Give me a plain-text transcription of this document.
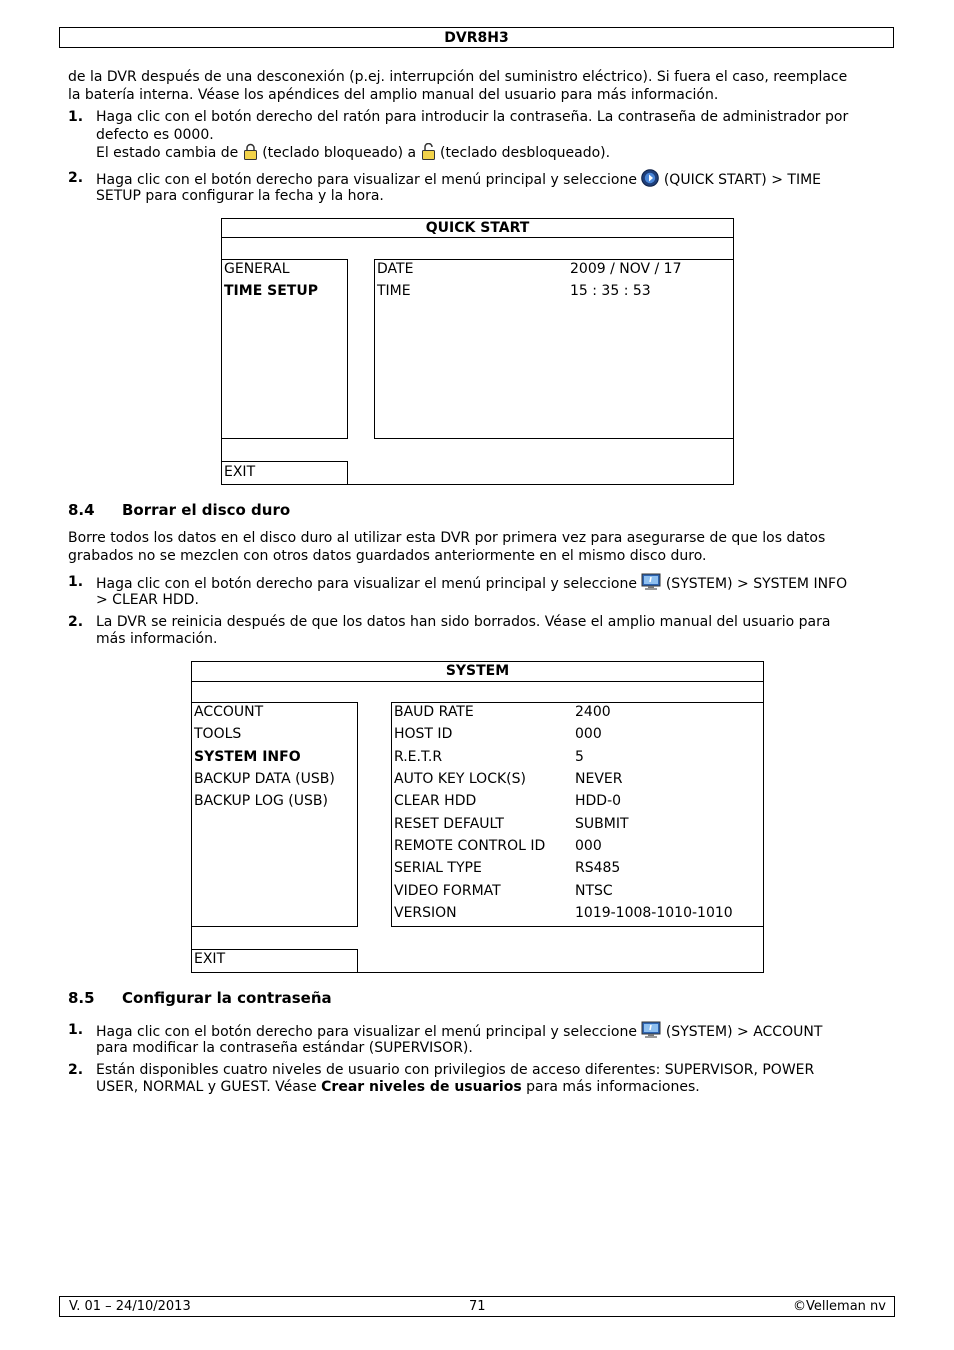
DVR8H3
de la DVR después de una desconexión (p.ej. interrupción del suministro eléctrico). Si fuera el caso, reemplace
la batería interna. Véase los apéndices del amplio manual del usuario para más información.
1. Haga clic con el botón derecho del ratón para introducir la contraseña. La contraseña de administrador por
defecto es 0000.
El estado cambia de (teclado bloqueado) a (teclado desbloqueado).
2. Haga clic con el botón derecho para visualizar el menú principal y seleccione (QUICK START) > TIME
SETUP para configurar la fecha y la hora.
QUICK START
GENERAL
TIME SETUP
DATE	2009 / NOV / 17
TIME	15 : 35 : 53
EXIT
8.4 Borrar el disco duro
Borre todos los datos en el disco duro al utilizar esta DVR por primera vez para asegurarse de que los datos
grabados no se mezclen con otros datos guardados anteriormente en el mismo disco duro.
1. Haga clic con el botón derecho para visualizar el menú principal y seleccione (SYSTEM) > SYSTEM INFO
> CLEAR HDD.
2. La DVR se reinicia después de que los datos han sido borrados. Véase el amplio manual del usuario para
más información.
SYSTEM
ACCOUNT
TOOLS
SYSTEM INFO
BACKUP DATA (USB)
BACKUP LOG (USB)
BAUD RATE	2400
HOST ID	000
R.E.T.R	5
AUTO KEY LOCK(S)	NEVER
CLEAR HDD	HDD-0
RESET DEFAULT	SUBMIT
REMOTE CONTROL ID 000
SERIAL TYPE	RS485
VIDEO FORMAT	NTSC
VERSION	1019-1008-1010-1010
EXIT
8.5 Configurar la contraseña
1. Haga clic con el botón derecho para visualizar el menú principal y seleccione (SYSTEM) > ACCOUNT
para modificar la contraseña estándar (SUPERVISOR).
2. Están disponibles cuatro niveles de usuario con privilegios de acceso diferentes: SUPERVISOR, POWER
USER, NORMAL y GUEST. Véase Crear niveles de usuarios para más informaciones.
V. 01 – 24/10/2013	71	©Velleman nv
